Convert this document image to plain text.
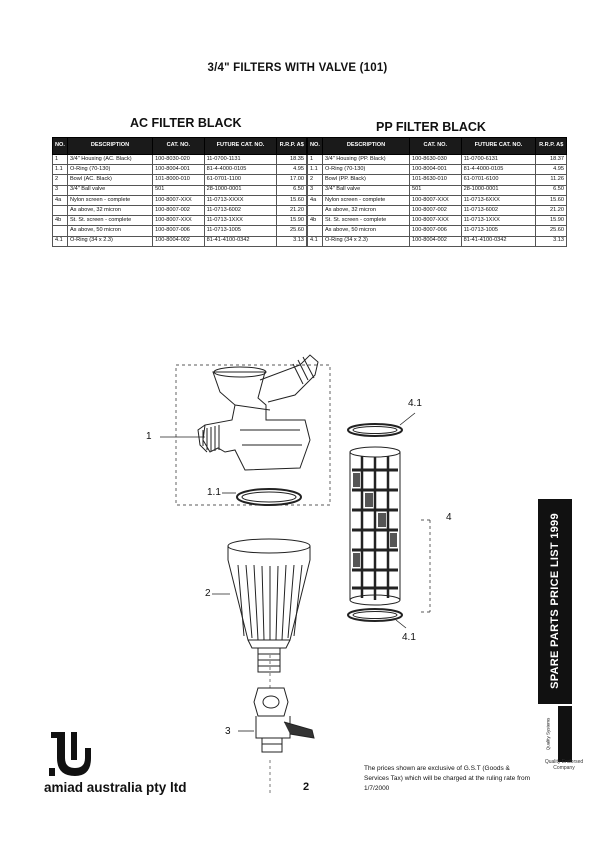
3/4" FILTERS WITH VALVE (101)
AC FILTER BLACK	PP FILTER BLACK
NO.	DESCRIPTION	CAT. NO.	FUTURE CAT. NO.	R.R.P. A$
1	3/4" Housing (AC. Black)	100-8030-020	11-0700-1131	18.35
1.1	O-Ring (70-130)	100-8004-001	81-4-4000-0105	4.95
2	Bowl (AC. Black)	101-8000-010	61-0701-1100	17.00
3	3/4" Ball valve	501	28-1000-0001	6.50
4a	Nylon screen - complete	100-8007-XXX	11-0713-XXXX	15.60
	As above, 32 micron	100-8007-002	11-0713-6002	21.20
4b	St. St. screen - complete	100-8007-XXX	11-0713-1XXX	15.90
	As above, 50 micron	100-8007-006	11-0713-1005	25.60
4.1	O-Ring (34 x 2.3)	100-8004-002	81-41-4100-0342	3.13
NO.	DESCRIPTION	CAT. NO.	FUTURE CAT. NO.	R.R.P. A$
1	3/4" Housing (PP. Black)	100-8630-030	11-0700-6131	18.37
1.1	O-Ring (70-130)	100-8004-001	81-4-4000-0105	4.95
2	Bowl (PP. Black)	101-8630-010	61-0701-6100	11.26
3	3/4" Ball valve	501	28-1000-0001	6.50
4a	Nylon screen - complete	100-8007-XXX	11-0713-6XXX	15.60
	As above, 32 micron	100-8007-002	11-0713-6002	21.20
4b	St. St. screen - complete	100-8007-XXX	11-0713-1XXX	15.90
	As above, 50 micron	100-8007-006	11-0713-1005	25.60
4.1	O-Ring (34 x 2.3)	100-8004-002	81-41-4100-0342	3.13
1
1.1
2
3
4
4.1
4.1	SPARE PARTS PRICE LIST 1999
Quality Systems
Quality Endorsed Company
amiad australia pty ltd	2
The prices shown are exclusive of G.S.T (Goods & Services Tax) which will be charged at the ruling rate from 1/7/2000
